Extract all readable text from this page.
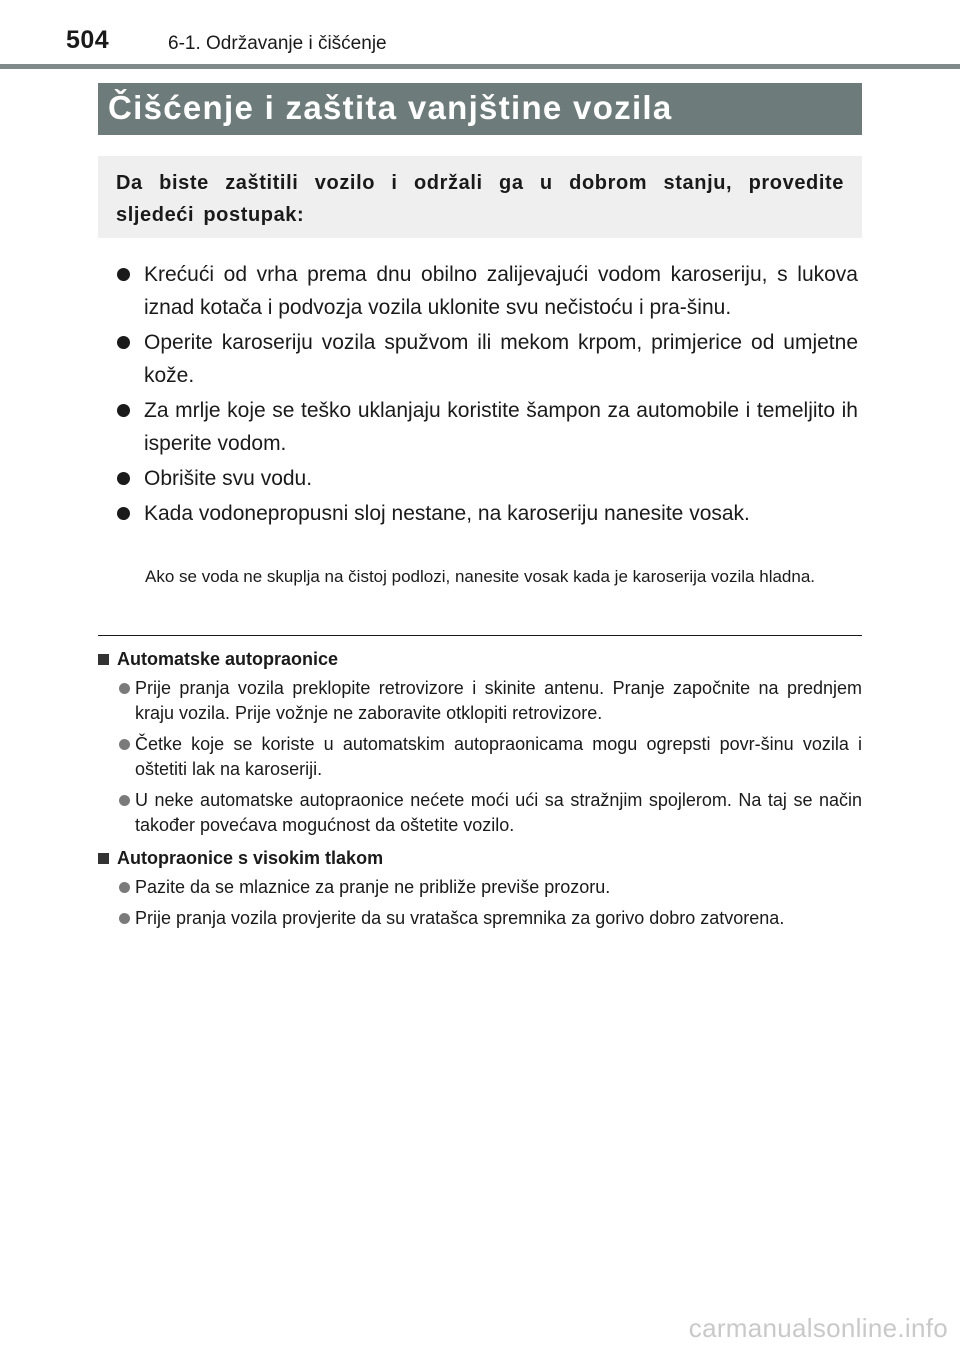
504	6-1. Održavanje i čišćenje
Čišćenje i zaštita vanjštine vozila
Da biste zaštitili vozilo i održali ga u dobrom stanju, provedite sljedeći postupak:
Krećući od vrha prema dnu obilno zalijevajući vodom karoseriju, s lukova iznad kotača i podvozja vozila uklonite svu nečistoću i pra-šinu.
Operite karoseriju vozila spužvom ili mekom krpom, primjerice od umjetne kože.
Za mrlje koje se teško uklanjaju koristite šampon za automobile i temeljito ih isperite vodom.
Obrišite svu vodu.
Kada vodonepropusni sloj nestane, na karoseriju nanesite vosak.
Ako se voda ne skuplja na čistoj podlozi, nanesite vosak kada je karoserija vozila hladna.
Automatske autopraonice
Prije pranja vozila preklopite retrovizore i skinite antenu. Pranje započnite na prednjem kraju vozila. Prije vožnje ne zaboravite otklopiti retrovizore.
Četke koje se koriste u automatskim autopraonicama mogu ogrepsti povr-šinu vozila i oštetiti lak na karoseriji.
U neke automatske autopraonice nećete moći ući sa stražnjim spojlerom. Na taj se način također povećava mogućnost da oštetite vozilo.
Autopraonice s visokim tlakom
Pazite da se mlaznice za pranje ne približe previše prozoru.
Prije pranja vozila provjerite da su vratašca spremnika za gorivo dobro zatvorena.
carmanualsonline.info
